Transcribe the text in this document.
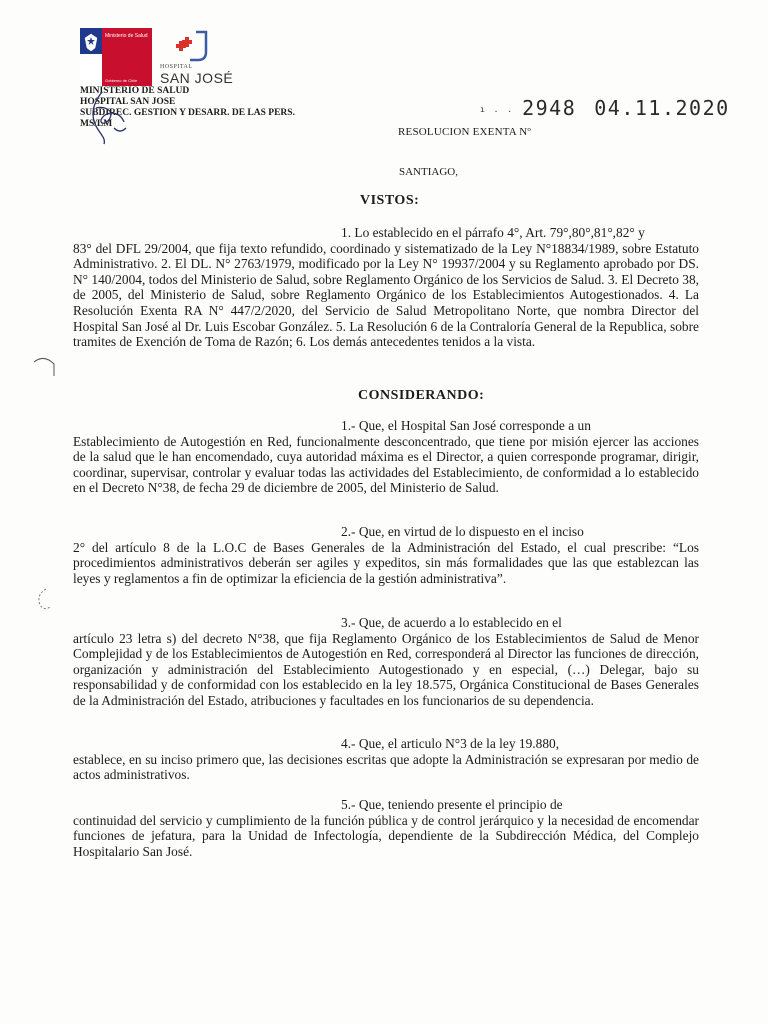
Ministerio de Salud
Gobierno de Chile
HOSPITAL
SAN JOSÉ
MINISTERIO DE SALUD
HOSPITAL SAN JOSE
SUBDIREC. GESTION Y DESARR. DE LAS PERS.
MS/LM
ı . . 2948 04.11.2020
RESOLUCION EXENTA Nº
SANTIAGO,
VISTOS:
1. Lo establecido en el párrafo 4°, Art. 79°,80°,81°,82° y
83° del DFL 29/2004, que fija texto refundido, coordinado y sistematizado de la Ley N°18834/1989, sobre Estatuto Administrativo. 2. El DL. N° 2763/1979, modificado por la Ley N° 19937/2004 y su Reglamento aprobado por DS. N° 140/2004, todos del Ministerio de Salud, sobre Reglamento Orgánico de los Servicios de Salud. 3. El Decreto 38, de 2005, del Ministerio de Salud, sobre Reglamento Orgánico de los Establecimientos Autogestionados. 4. La Resolución Exenta RA N° 447/2/2020, del Servicio de Salud Metropolitano Norte, que nombra Director del Hospital San José al Dr. Luis Escobar González. 5. La Resolución 6 de la Contraloría General de la Republica, sobre tramites de Exención de Toma de Razón; 6. Los demás antecedentes tenidos a la vista.
CONSIDERANDO:
1.- Que, el Hospital San José corresponde a un
Establecimiento de Autogestión en Red, funcionalmente desconcentrado, que tiene por misión ejercer las acciones de la salud que le han encomendado, cuya autoridad máxima es el Director, a quien corresponde programar, dirigir, coordinar, supervisar, controlar y evaluar todas las actividades del Establecimiento, de conformidad a lo establecido en el Decreto N°38, de fecha 29 de diciembre de 2005, del Ministerio de Salud.
2.- Que, en virtud de lo dispuesto en el inciso
2° del artículo 8 de la L.O.C de Bases Generales de la Administración del Estado, el cual prescribe: “Los procedimientos administrativos deberán ser agiles y expeditos, sin más formalidades que las que establezcan las leyes y reglamentos a fin de optimizar la eficiencia de la gestión administrativa”.
3.- Que, de acuerdo a lo establecido en el
artículo 23 letra s) del decreto N°38, que fija Reglamento Orgánico de los Establecimientos de Salud de Menor Complejidad y de los Establecimientos de Autogestión en Red, corresponderá al Director las funciones de dirección, organización y administración del Establecimiento Autogestionado y en especial, (…) Delegar, bajo su responsabilidad y de conformidad con los establecido en la ley 18.575, Orgánica Constitucional de Bases Generales de la Administración del Estado, atribuciones y facultades en los funcionarios de su dependencia.
4.- Que, el articulo N°3 de la ley 19.880,
establece, en su inciso primero que, las decisiones escritas que adopte la Administración se expresaran por medio de actos administrativos.
5.- Que, teniendo presente el principio de
continuidad del servicio y cumplimiento de la función pública y de control jerárquico y la necesidad de encomendar funciones de jefatura, para la Unidad de Infectología, dependiente de la Subdirección Médica, del Complejo Hospitalario San José.
